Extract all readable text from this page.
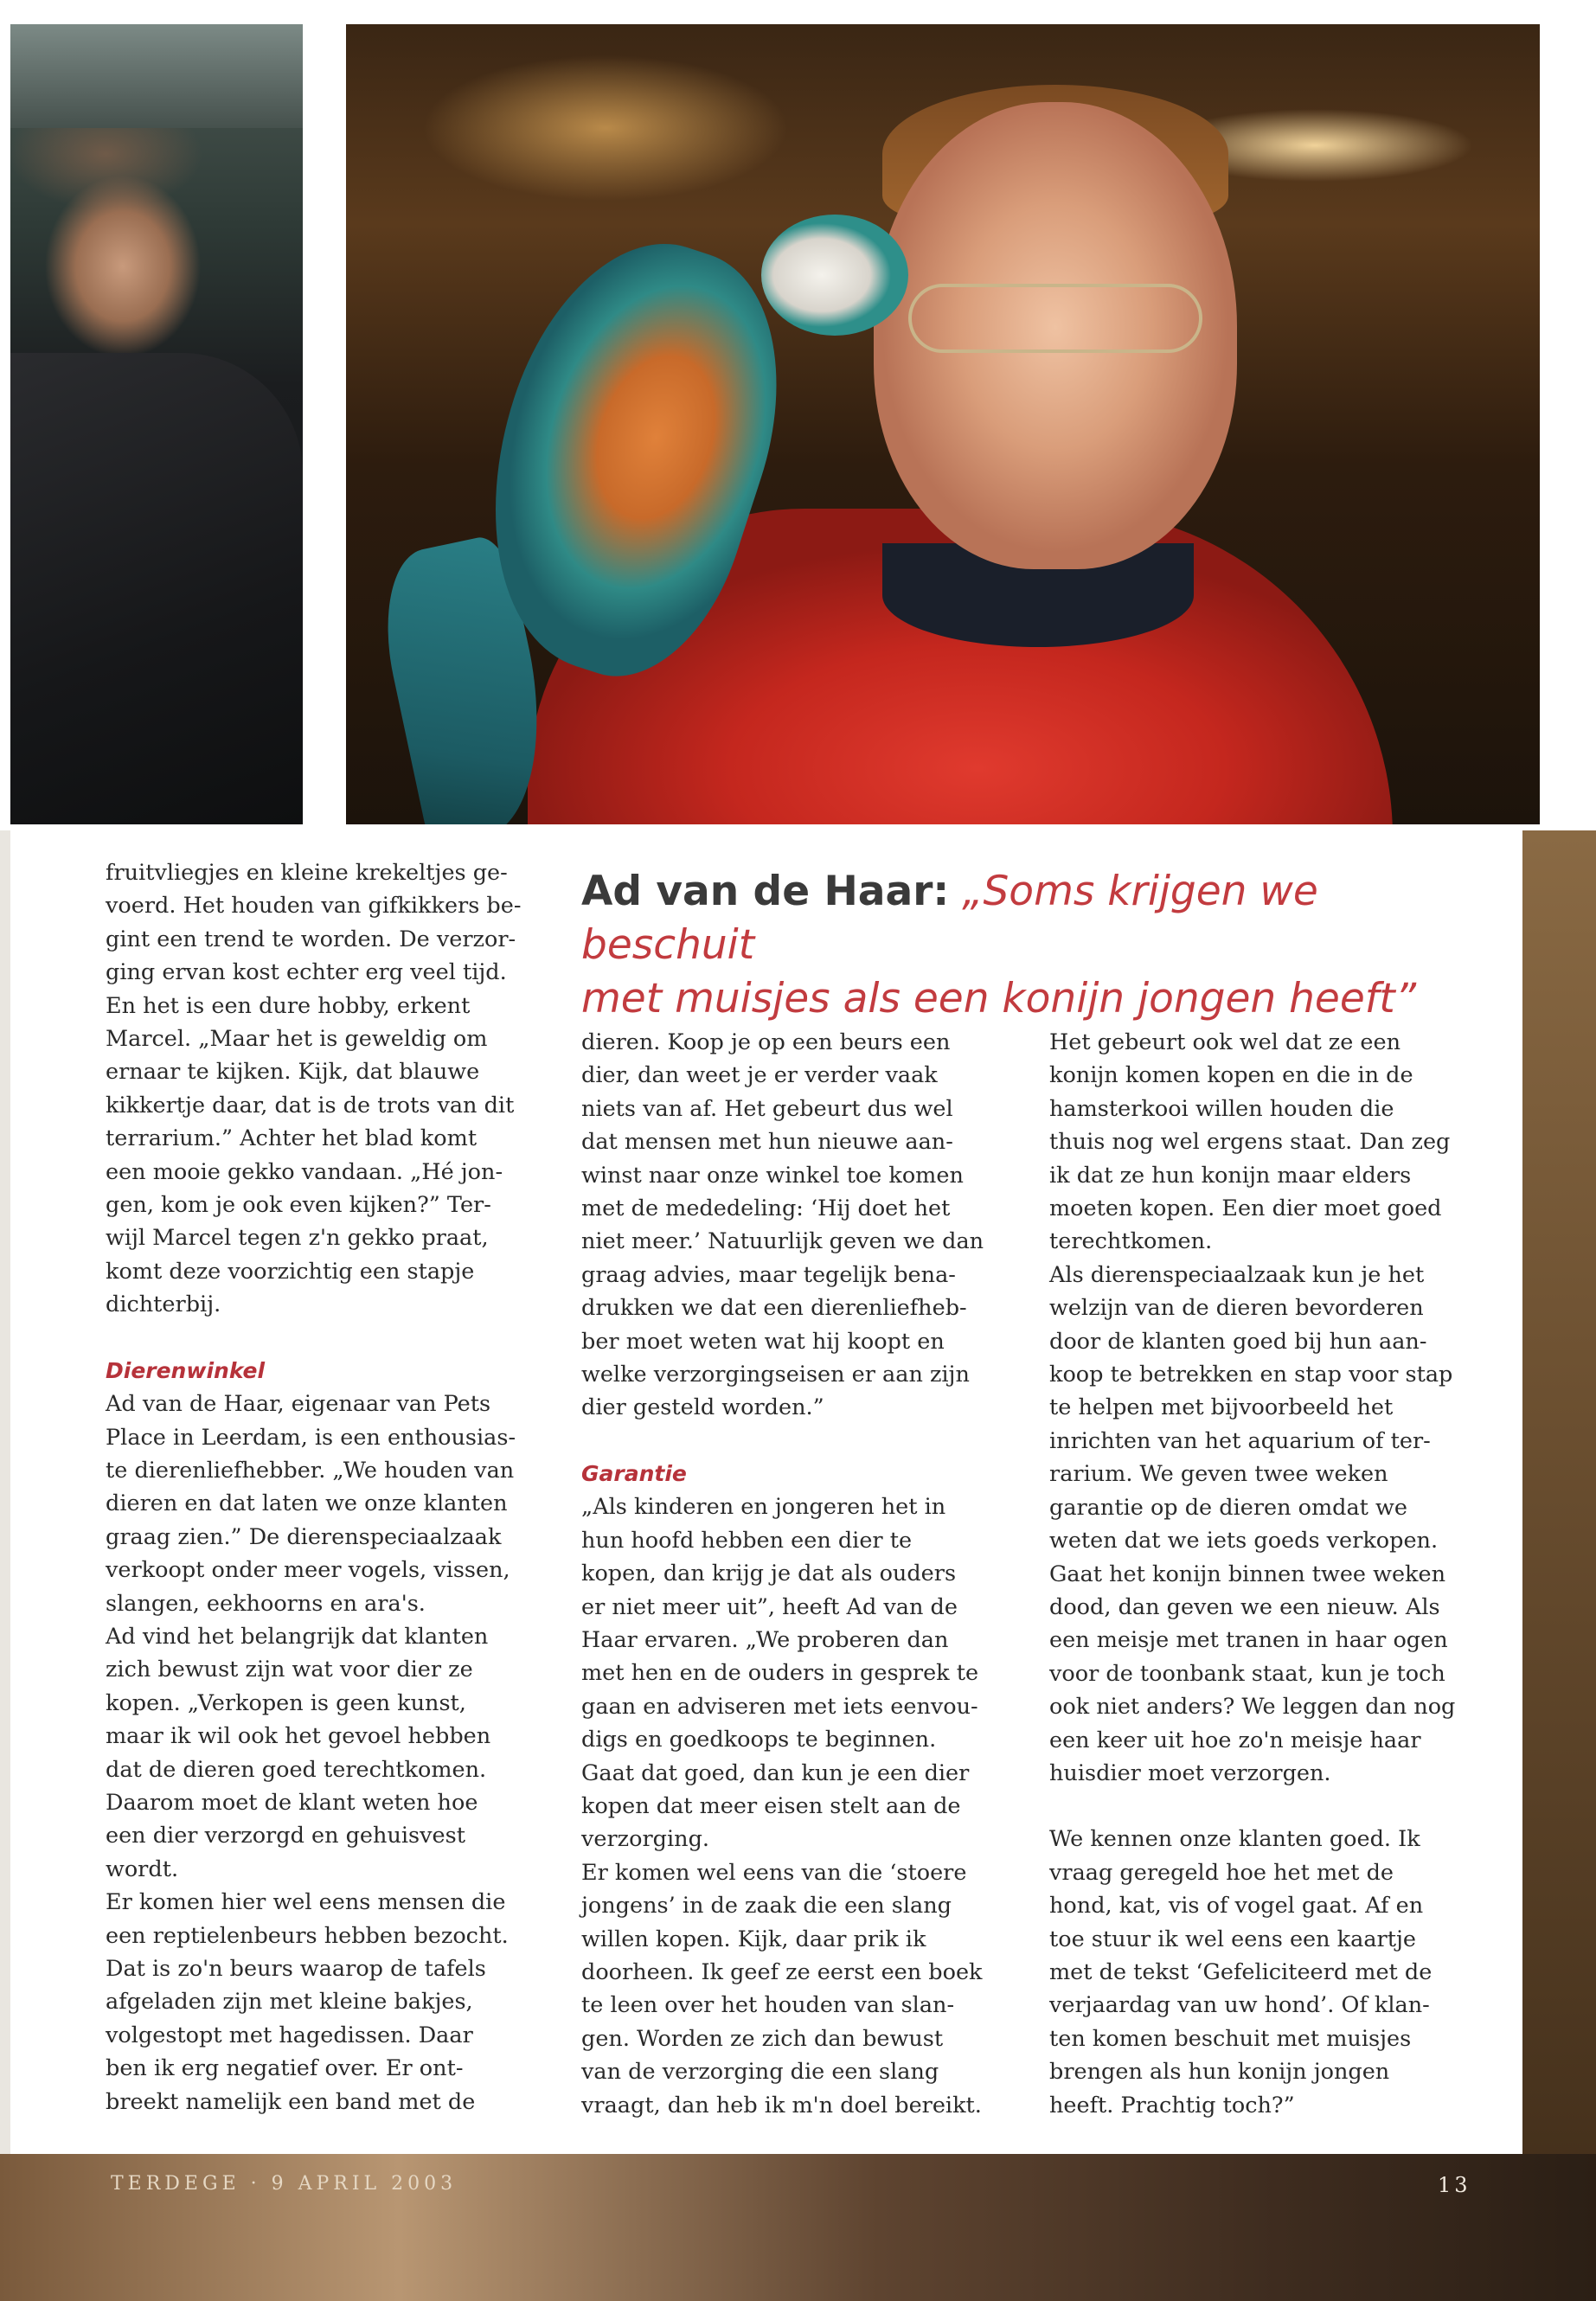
Ad van de Haar: „Soms krijgen we beschuit
met muisjes als een konijn jongen heeft”

fruitvliegjes en kleine krekeltjes ge-

voerd. Het houden van gifkikkers be-

gint een trend te worden. De verzor-

ging ervan kost echter erg veel tijd.

En het is een dure hobby, erkent

Marcel. „Maar het is geweldig om

ernaar te kijken. Kijk, dat blauwe

kikkertje daar, dat is de trots van dit

terrarium.” Achter het blad komt

een mooie gekko vandaan. „Hé jon-

gen, kom je ook even kijken?” Ter-

wijl Marcel tegen z'n gekko praat,

komt deze voorzichtig een stapje

dichterbij.

Dierenwinkel

Ad van de Haar, eigenaar van Pets

Place in Leerdam, is een enthousias-

te dierenliefhebber. „We houden van

dieren en dat laten we onze klanten

graag zien.” De dierenspeciaalzaak

verkoopt onder meer vogels, vissen,

slangen, eekhoorns en ara's.

Ad vind het belangrijk dat klanten

zich bewust zijn wat voor dier ze

kopen. „Verkopen is geen kunst,

maar ik wil ook het gevoel hebben

dat de dieren goed terechtkomen.

Daarom moet de klant weten hoe

een dier verzorgd en gehuisvest

wordt.

Er komen hier wel eens mensen die

een reptielenbeurs hebben bezocht.

Dat is zo'n beurs waarop de tafels

afgeladen zijn met kleine bakjes,

volgestopt met hagedissen. Daar

ben ik erg negatief over. Er ont-

breekt namelijk een band met de

dieren. Koop je op een beurs een

dier, dan weet je er verder vaak

niets van af. Het gebeurt dus wel

dat mensen met hun nieuwe aan-

winst naar onze winkel toe komen

met de mededeling: ‘Hij doet het

niet meer.’ Natuurlijk geven we dan

graag advies, maar tegelijk bena-

drukken we dat een dierenliefheb-

ber moet weten wat hij koopt en

welke verzorgingseisen er aan zijn

dier gesteld worden.”

Garantie

„Als kinderen en jongeren het in

hun hoofd hebben een dier te

kopen, dan krijg je dat als ouders

er niet meer uit”, heeft Ad van de

Haar ervaren. „We proberen dan

met hen en de ouders in gesprek te

gaan en adviseren met iets eenvou-

digs en goedkoops te beginnen.

Gaat dat goed, dan kun je een dier

kopen dat meer eisen stelt aan de

verzorging.

Er komen wel eens van die ‘stoere

jongens’ in de zaak die een slang

willen kopen. Kijk, daar prik ik

doorheen. Ik geef ze eerst een boek

te leen over het houden van slan-

gen. Worden ze zich dan bewust

van de verzorging die een slang

vraagt, dan heb ik m'n doel bereikt.

Het gebeurt ook wel dat ze een

konijn komen kopen en die in de

hamsterkooi willen houden die

thuis nog wel ergens staat. Dan zeg

ik dat ze hun konijn maar elders

moeten kopen. Een dier moet goed

terechtkomen.

Als dierenspeciaalzaak kun je het

welzijn van de dieren bevorderen

door de klanten goed bij hun aan-

koop te betrekken en stap voor stap

te helpen met bijvoorbeeld het

inrichten van het aquarium of ter-

rarium. We geven twee weken

garantie op de dieren omdat we

weten dat we iets goeds verkopen.

Gaat het konijn binnen twee weken

dood, dan geven we een nieuw. Als

een meisje met tranen in haar ogen

voor de toonbank staat, kun je toch

ook niet anders? We leggen dan nog

een keer uit hoe zo'n meisje haar

huisdier moet verzorgen.

We kennen onze klanten goed. Ik

vraag geregeld hoe het met de

hond, kat, vis of vogel gaat. Af en

toe stuur ik wel eens een kaartje

met de tekst ‘Gefeliciteerd met de

verjaardag van uw hond’. Of klan-

ten komen beschuit met muisjes

brengen als hun konijn jongen

heeft. Prachtig toch?”

TERDEGE · 9 APRIL 2003	13
